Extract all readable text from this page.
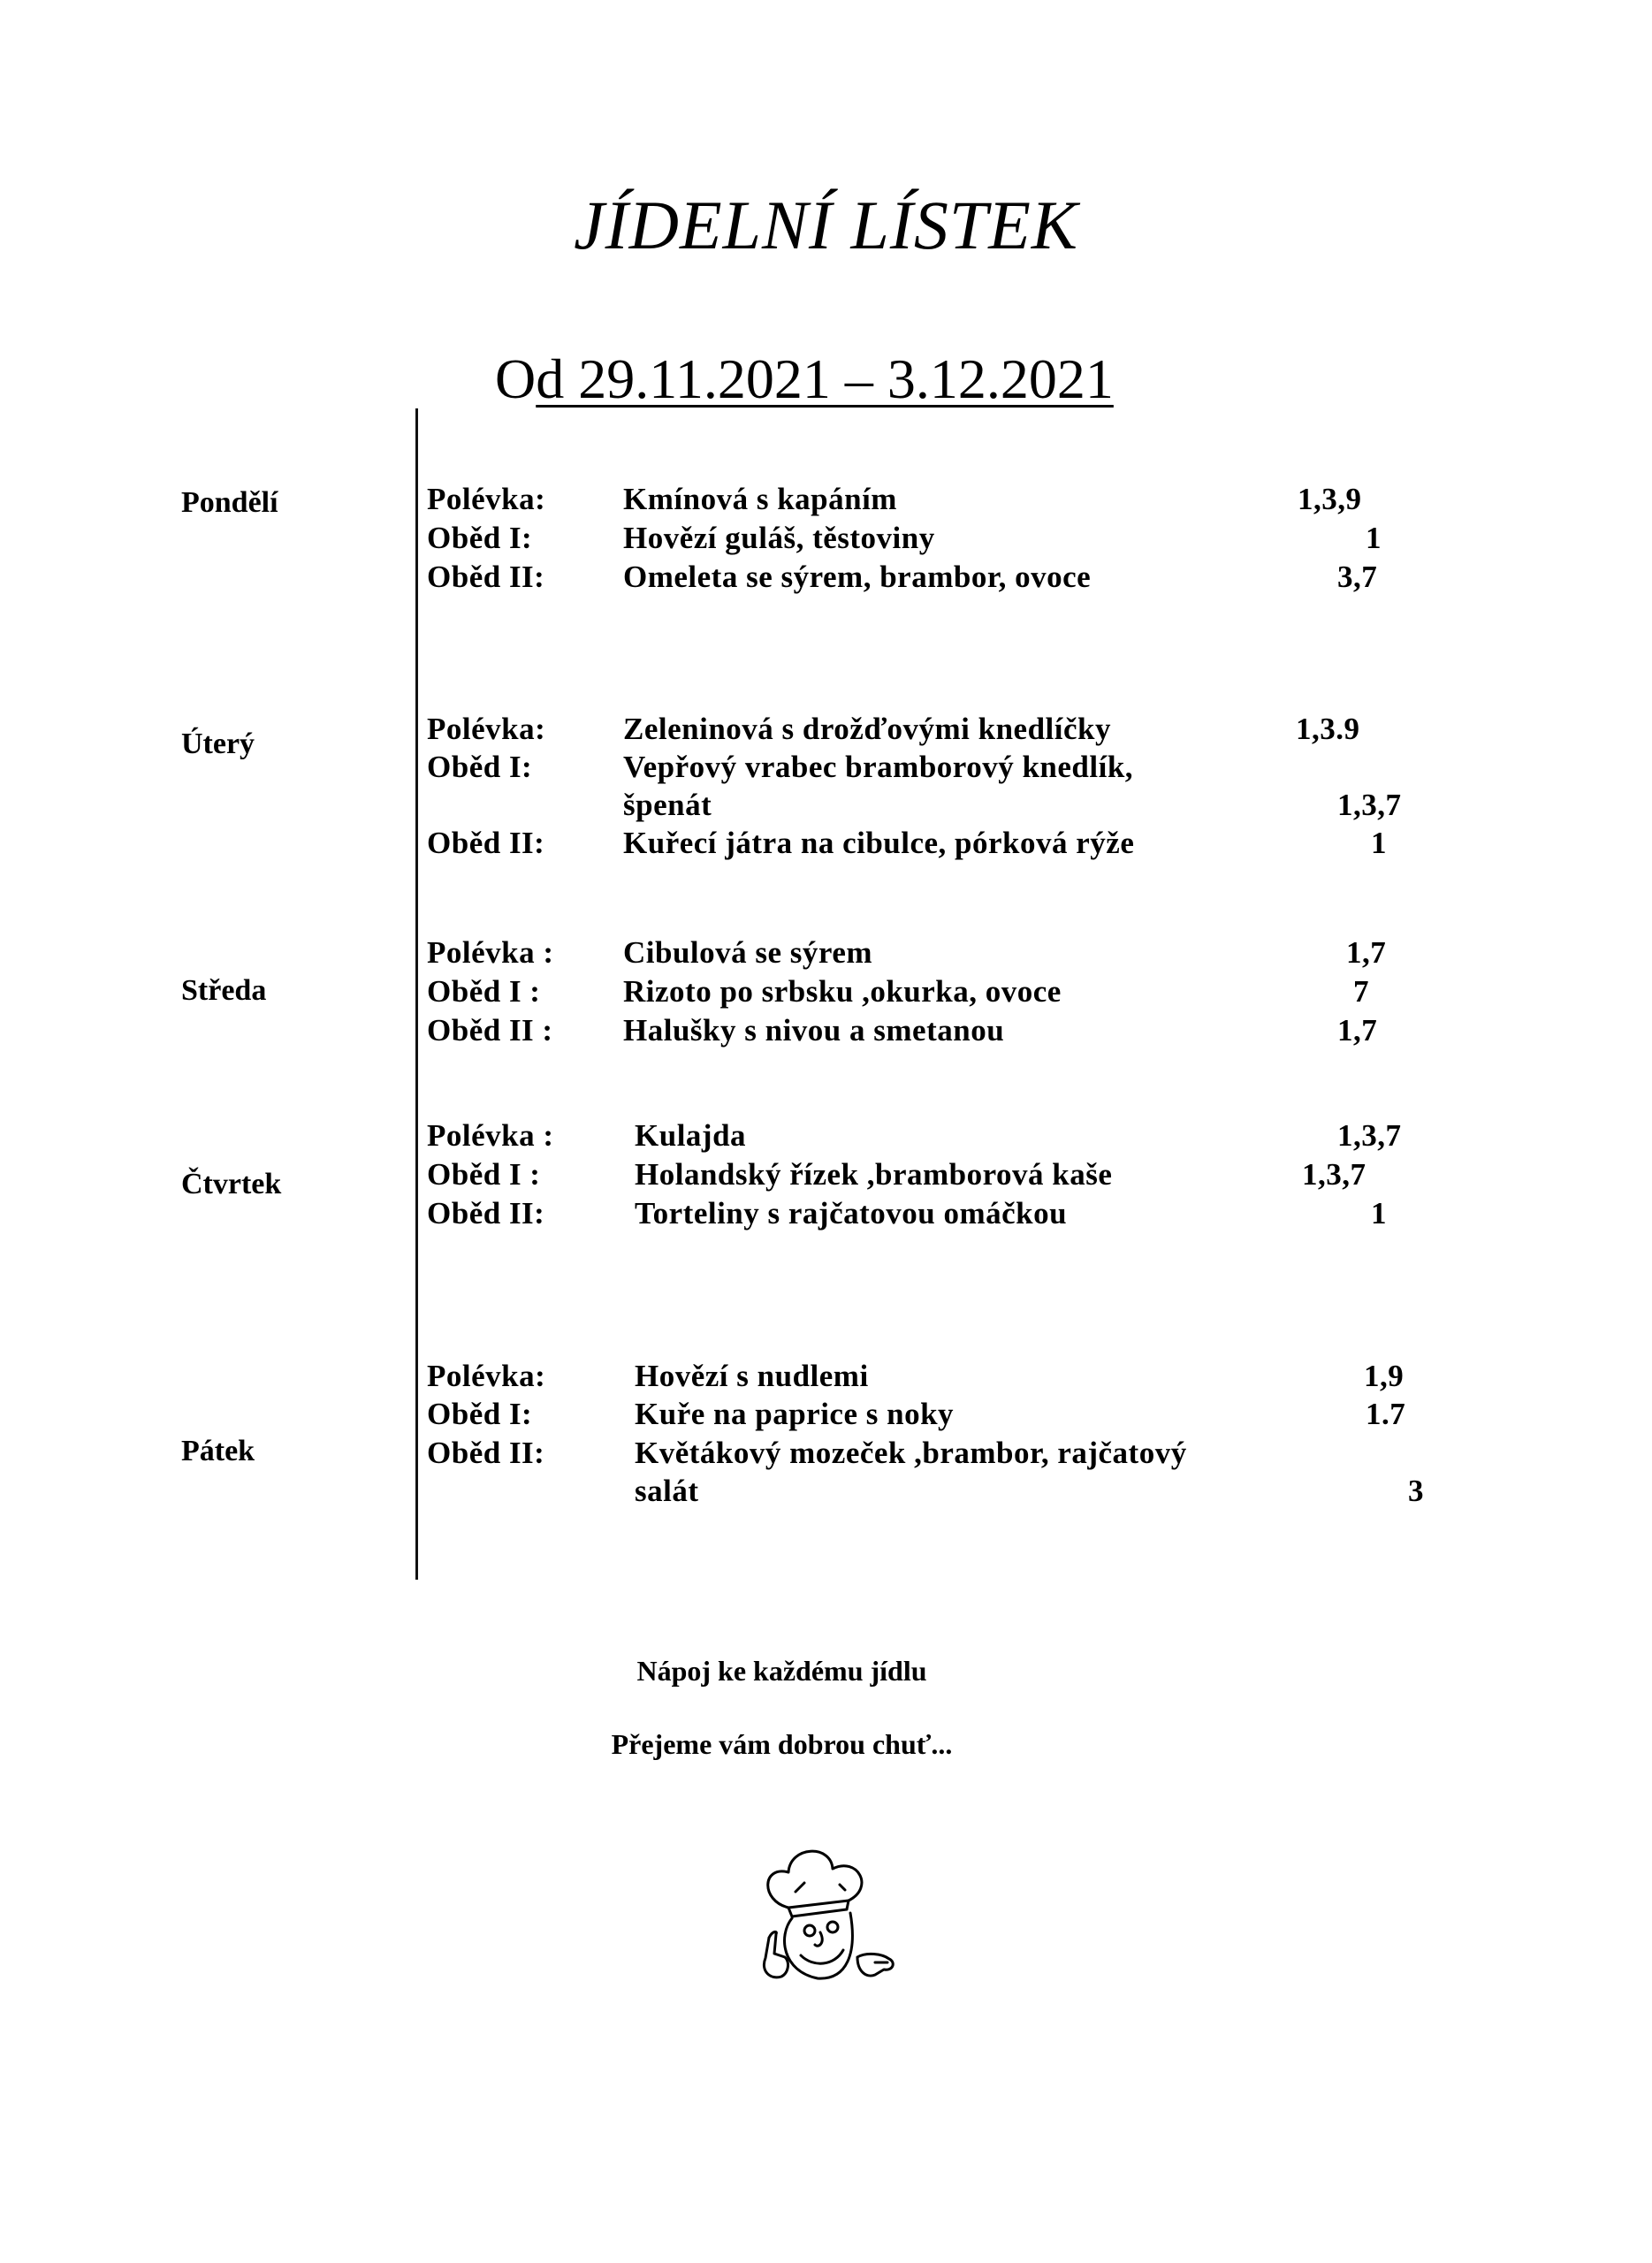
JÍDELNÍ LÍSTEK
Od 29.11.2021 – 3.12.2021
Pondělí	Polévka:	Kmínová s kapáním	1,3,9
Oběd I:	Hovězí guláš, těstoviny	1
Oběd II:	Omeleta se sýrem, brambor, ovoce	3,7
Úterý	Polévka:	Zeleninová s drožďovými knedlíčky	1,3.9
Oběd I:	Vepřový vrabec bramborový knedlík,
špenát	1,3,7
Oběd II:	Kuřecí játra na cibulce, pórková rýže	1
Středa
Polévka : Cibulová se sýrem	1,7
Oběd I :	Rizoto po srbsku ,okurka, ovoce	7
Oběd II : Halušky s nivou a smetanou	1,7
Čtvrtek
Polévka :	Kulajda	1,3,7
Oběd I :	Holandský řízek ,bramborová kaše	1,3,7
Oběd II:	Torteliny s rajčatovou omáčkou	1
Pátek
Polévka:	Hovězí s nudlemi	1,9
Oběd I:	Kuře na paprice s noky	1.7
Oběd II:	Květákový mozeček ,brambor, rajčatový
salát	3
Nápoj ke každému jídlu
Přejeme vám dobrou chuť...
